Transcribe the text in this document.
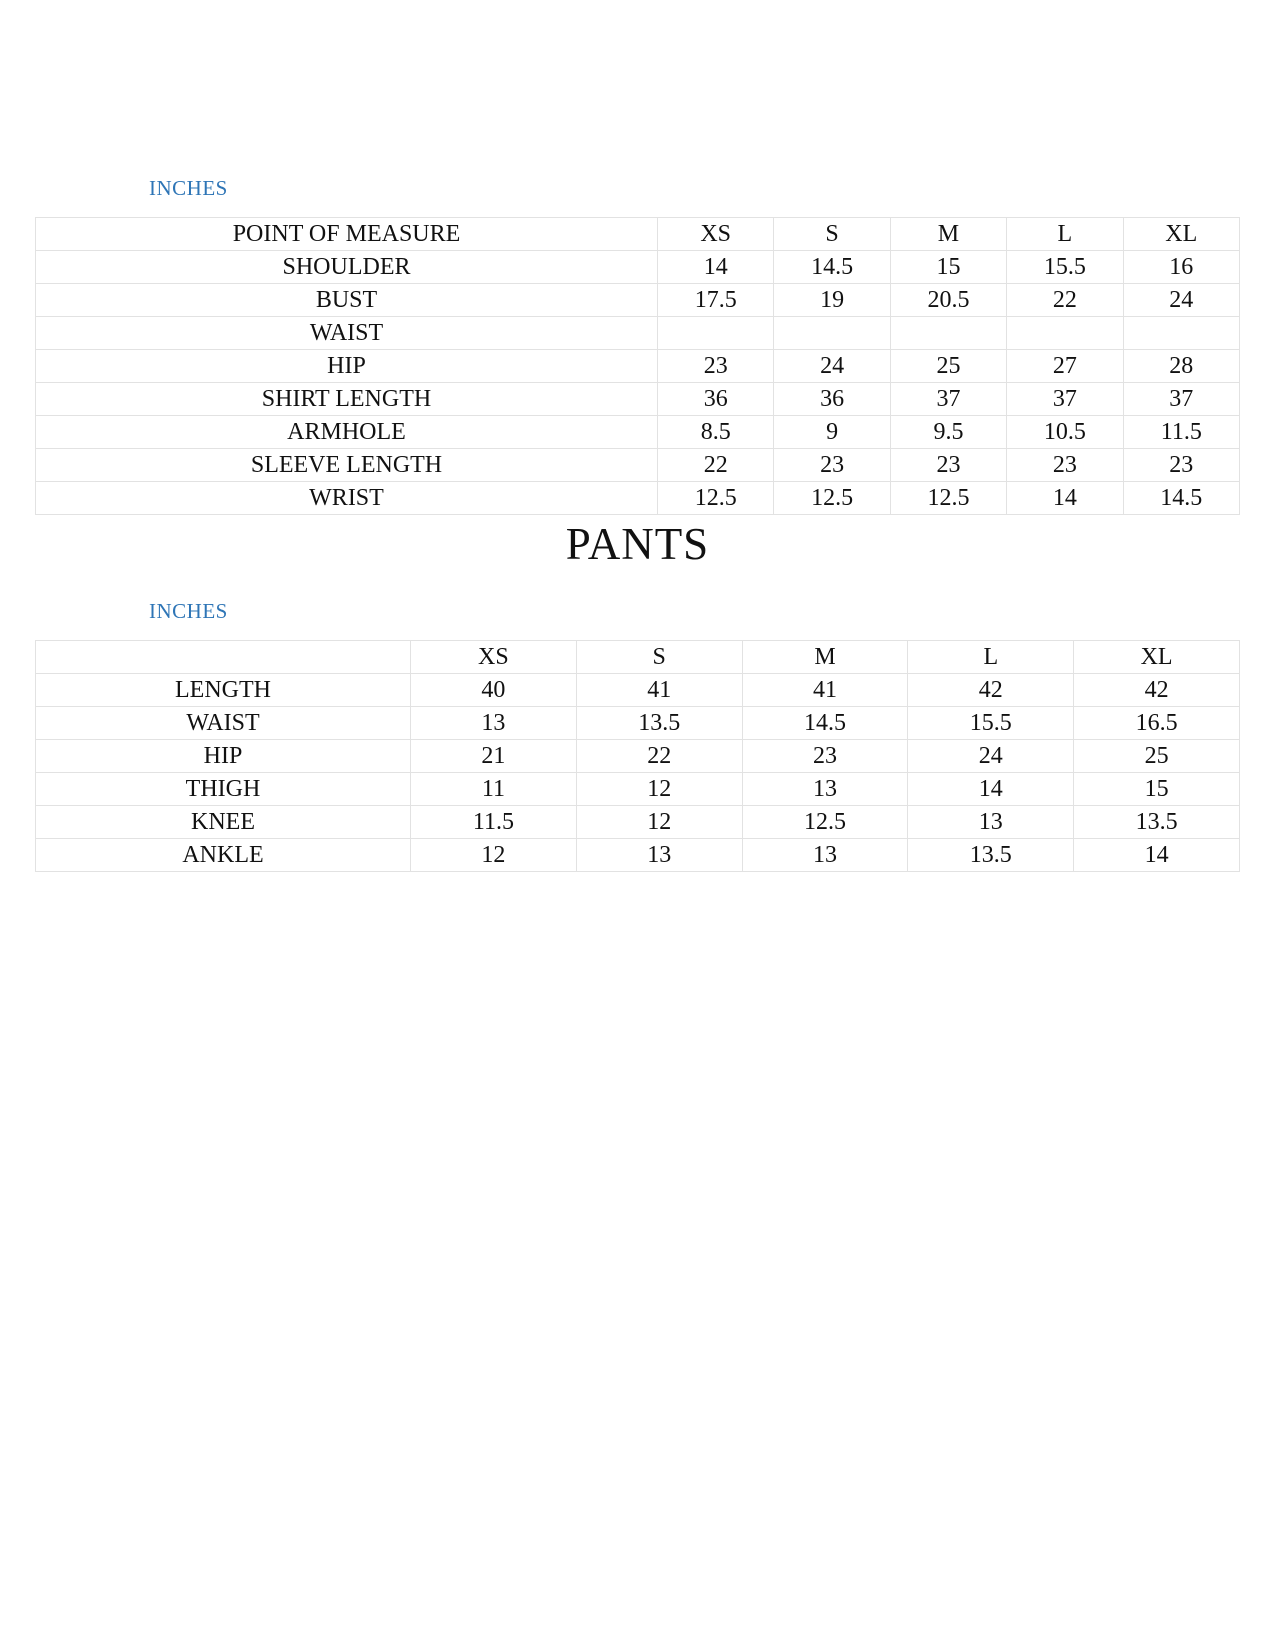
INCHES
POINT OF MEASURE	XS	S	M	L	XL
SHOULDER	14	14.5	15	15.5	16
BUST	17.5	19	20.5	22	24
WAIST					
HIP	23	24	25	27	28
SHIRT LENGTH	36	36	37	37	37
ARMHOLE	8.5	9	9.5	10.5	11.5
SLEEVE LENGTH	22	23	23	23	23
WRIST	12.5	12.5	12.5	14	14.5
PANTS
INCHES
	XS	S	M	L	XL
LENGTH	40	41	41	42	42
WAIST	13	13.5	14.5	15.5	16.5
HIP	21	22	23	24	25
THIGH	11	12	13	14	15
KNEE	11.5	12	12.5	13	13.5
ANKLE	12	13	13	13.5	14
